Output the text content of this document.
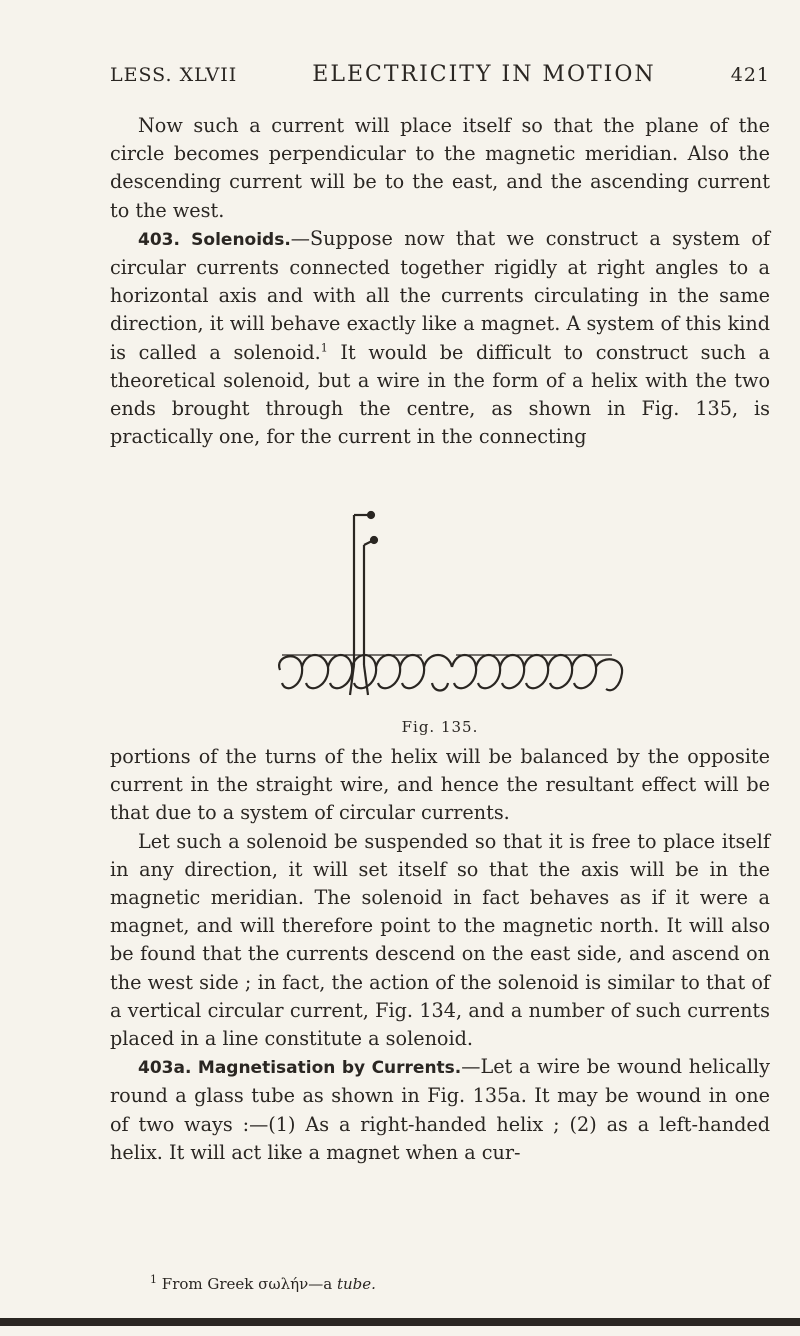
LESS. XLVII	ELECTRICITY IN MOTION	421

Now such a current will place itself so that the plane of the circle becomes perpendicular to the magnetic meridian. Also the descending current will be to the east, and the ascending current to the west.

403. Solenoids.—Suppose now that we construct a system of circular currents connected together rigidly at right angles to a horizontal axis and with all the currents circulating in the same direction, it will behave exactly like a magnet. A system of this kind is called a solenoid.$^1$ It would be difficult to construct such a theoretical solenoid, but a wire in the form of a helix with the two ends brought through the centre, as shown in Fig. 135, is practically one, for the current in the connecting

Fig. 135.

portions of the turns of the helix will be balanced by the opposite current in the straight wire, and hence the resultant effect will be that due to a system of circular currents.

Let such a solenoid be suspended so that it is free to place itself in any direction, it will set itself so that the axis will be in the magnetic meridian. The solenoid in fact behaves as if it were a magnet, and will therefore point to the magnetic north. It will also be found that the currents descend on the east side, and ascend on the west side ; in fact, the action of the solenoid is similar to that of a vertical circular current, Fig. 134, and a number of such currents placed in a line constitute a solenoid.

403a. Magnetisation by Currents.—Let a wire be wound helically round a glass tube as shown in Fig. 135a. It may be wound in one of two ways :—(1) As a right-handed helix ; (2) as a left-handed helix. It will act like a magnet when a cur-

$^1$ From Greek σωλήν—a tube.
